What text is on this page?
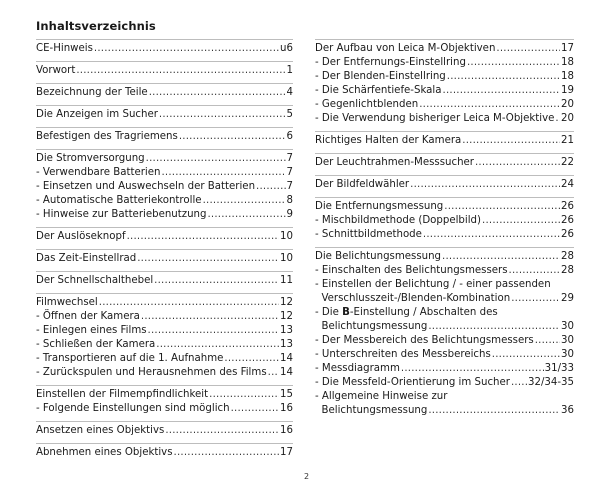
Inhaltsverzeichnis
CE-Hinweis .....	u6
Vorwort .....	1
Bezeichnung der Teile .....	4
Die Anzeigen im Sucher .....	5
Befestigen des Tragriemens .....	6
Die Stromversorgung .....	7
- Verwendbare Batterien .....	7
- Einsetzen und Auswechseln der Batterien .....	7
- Automatische Batteriekontrolle .....	8
- Hinweise zur Batteriebenutzung .....	9
Der Auslöseknopf .....	10
Das Zeit-Einstellrad .....	10
Der Schnellschalthebel .....	11
Filmwechsel .....	12
- Öffnen der Kamera .....	12
- Einlegen eines Films .....	13
- Schließen der Kamera .....	13
- Transportieren auf die 1. Aufnahme .....	14
- Zurückspulen und Herausnehmen des Films ..... 14
Einstellen der Filmempfindlichkeit .....	15
- Folgende Einstellungen sind möglich .....	16
Ansetzen eines Objektivs .....	16
Abnehmen eines Objektivs .....	17
Der Aufbau von Leica M-Objektiven .....	17
- Der Entfernungs-Einstellring .....	18
- Der Blenden-Einstellring .....	18
- Die Schärfentiefe-Skala .....	19
- Gegenlichtblenden .....	20
- Die Verwendung bisheriger Leica M-Objektive ..... 20
Richtiges Halten der Kamera .....	21
Der Leuchtrahmen-Messsucher .....	22
Der Bildfeldwähler .....	24
Die Entfernungsmessung .....	26
- Mischbildmethode (Doppelbild) .....	26
- Schnittbildmethode .....	26
Die Belichtungsmessung .....	28
- Einschalten des Belichtungsmessers .....	28
- Einstellen der Belichtung / - einer passenden
Verschlusszeit-/Blenden-Kombination .....	29
- Die B-Einstellung / Abschalten des
Belichtungsmessung .....	30
- Der Messbereich des Belichtungsmessers .....	30
- Unterschreiten des Messbereichs .....	30
- Messdiagramm .....	31/33
- Die Messfeld-Orientierung im Sucher ..... 32/34-35
- Allgemeine Hinweise zur
Belichtungsmessung .....	36
2
